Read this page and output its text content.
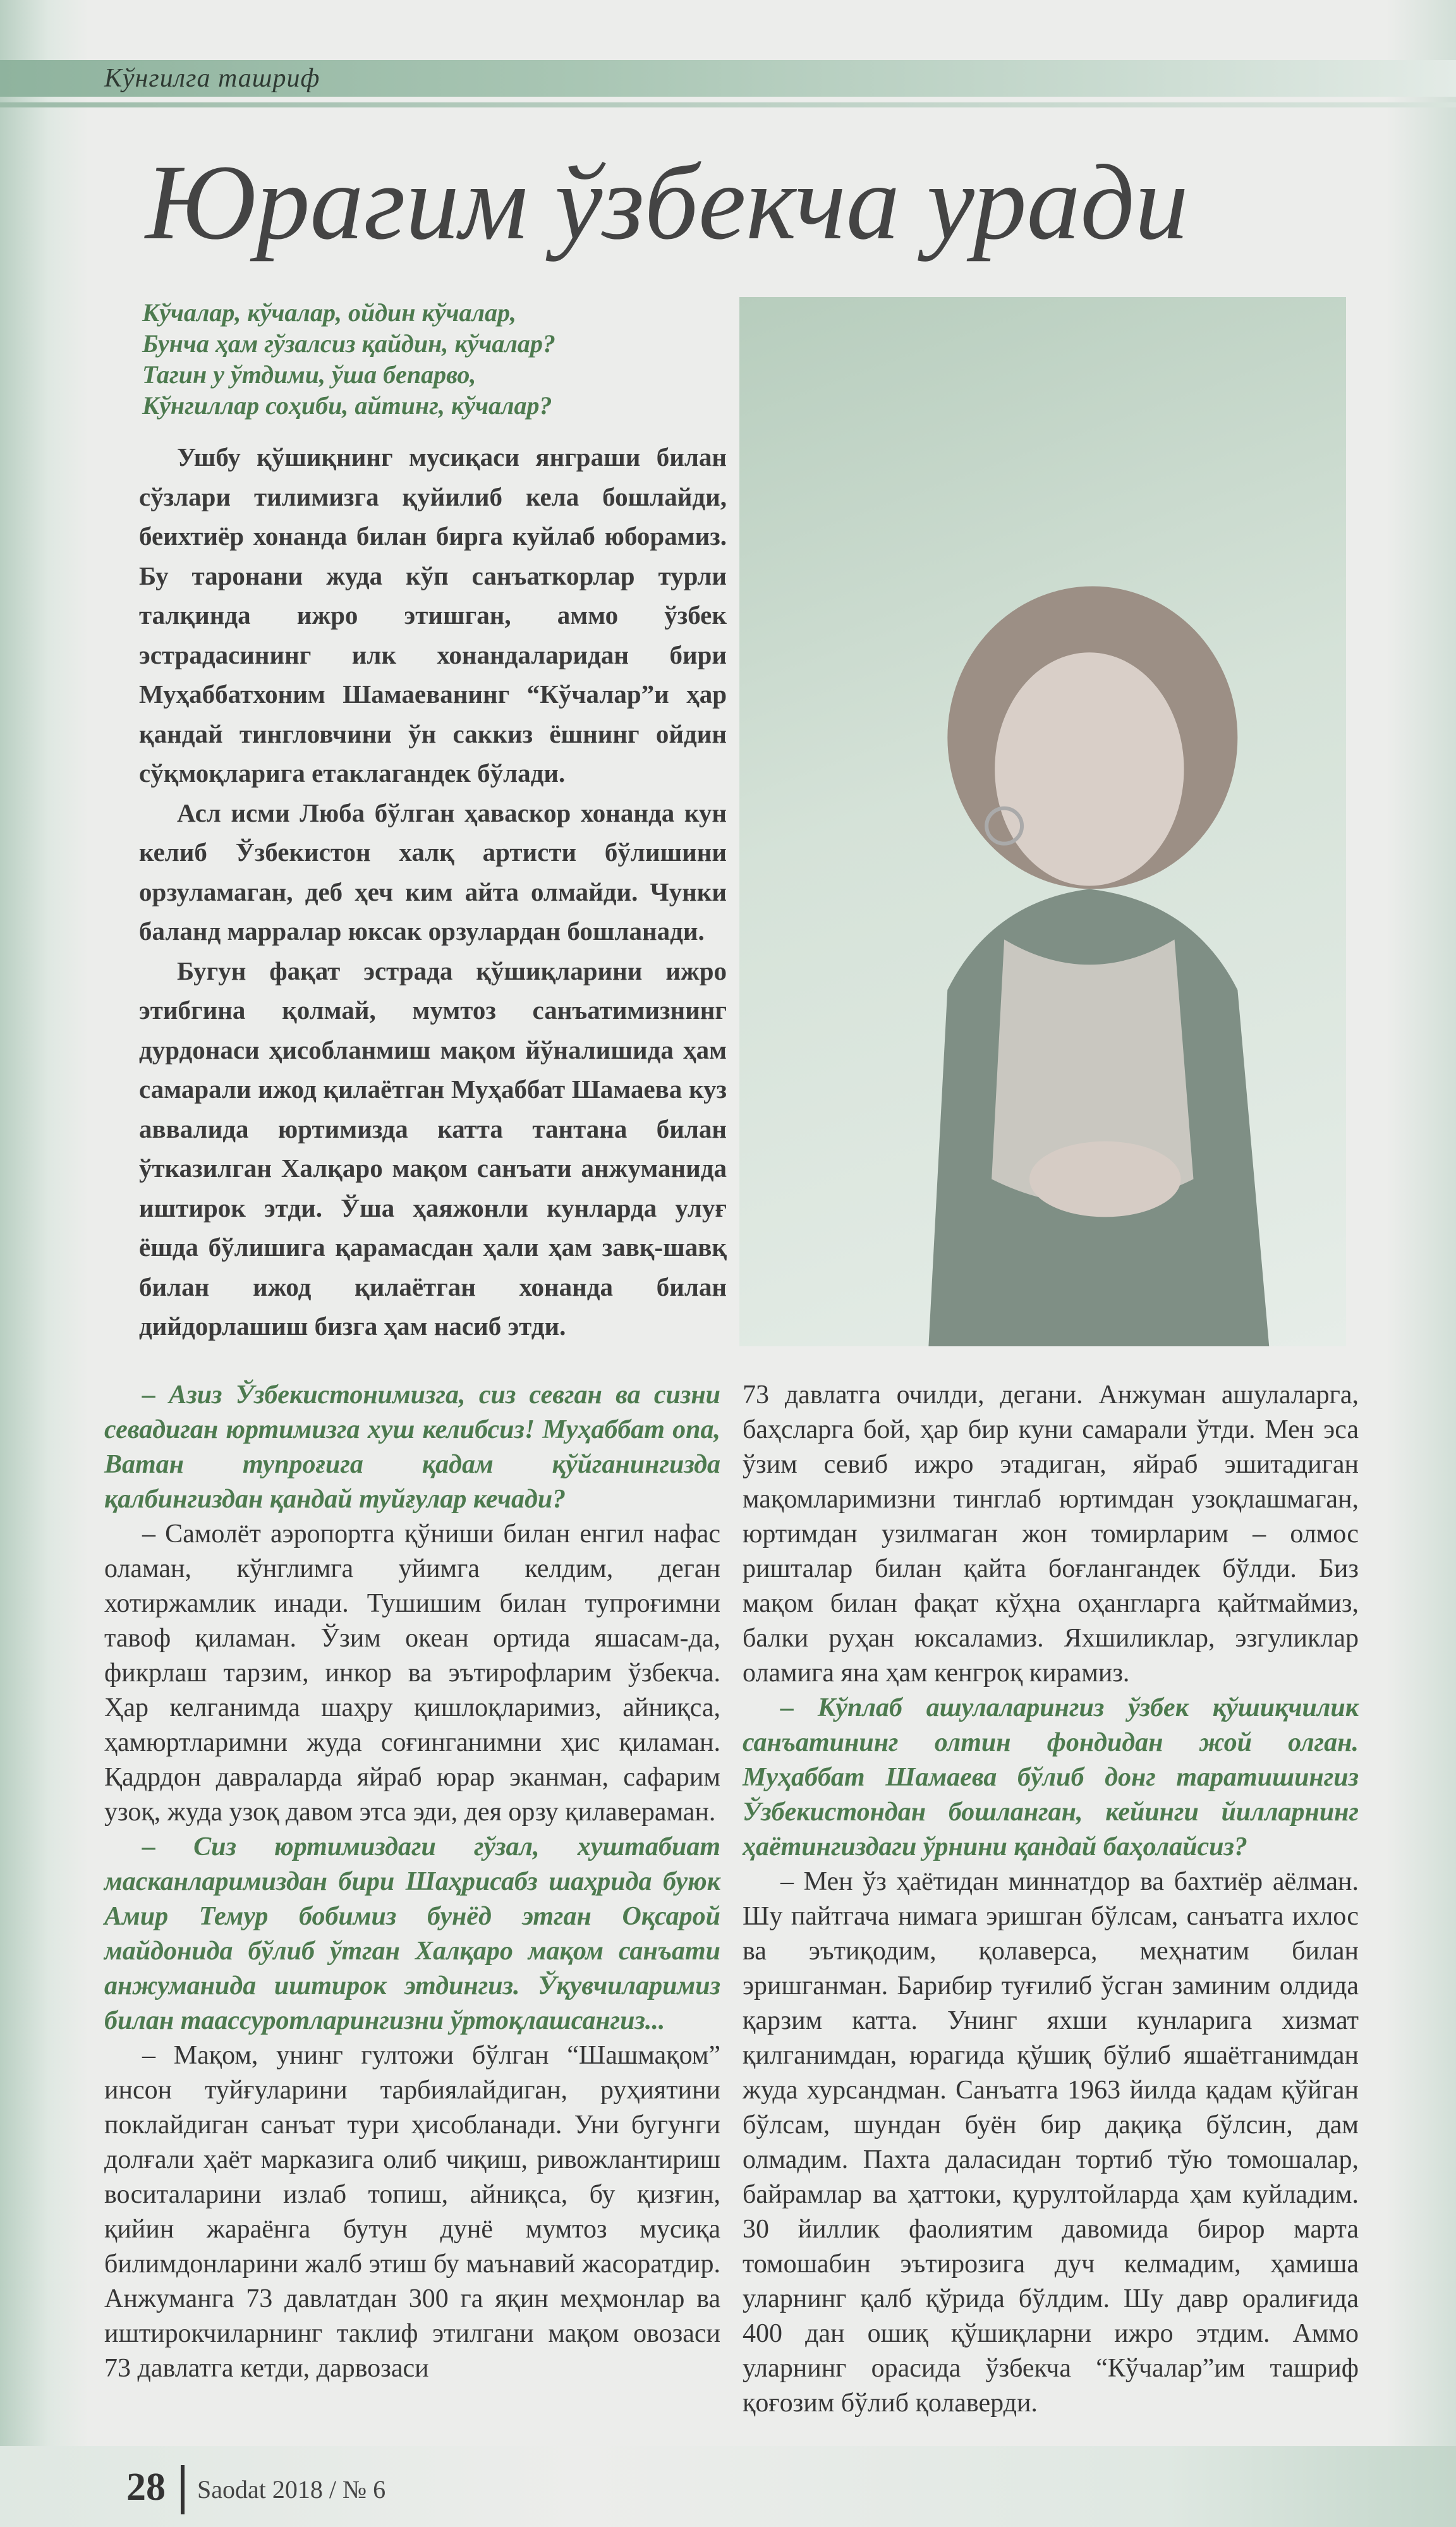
Кўнгилга ташриф
Юрагим ўзбекча уради
Кўчалар, кўчалар, ойдин кўчалар,
Бунча ҳам гўзалсиз қайдин, кўчалар?
Тагин у ўтдими, ўша бепарво,
Кўнгиллар соҳиби, айтинг, кўчалар?

Ушбу қўшиқнинг мусиқаси янграши билан сўзлари тилимизга қуйилиб кела бошлайди, беихтиёр хонанда билан бирга куйлаб юборамиз. Бу таронани жуда кўп санъаткорлар турли талқинда ижро этишган, аммо ўзбек эстрадасининг илк хонандаларидан бири Муҳаббатхоним Шамаеванинг “Кўчалар”и ҳар қандай тингловчини ўн саккиз ёшнинг ойдин сўқмоқларига етаклагандек бўлади.

Асл исми Люба бўлган ҳаваскор хонанда кун келиб Ўзбекистон халқ артисти бўлишини орзуламаган, деб ҳеч ким айта олмайди. Чунки баланд марралар юксак орзулардан бошланади.

Бугун фақат эстрада қўшиқларини ижро этибгина қолмай, мумтоз санъатимизнинг дурдонаси ҳисобланмиш мақом йўналишида ҳам самарали ижод қилаётган Муҳаббат Шамаева куз аввалида юртимизда катта тантана билан ўтказилган Халқаро мақом санъати анжуманида иштирок этди. Ўша ҳаяжонли кунларда улуғ ёшда бўлишига қарамасдан ҳали ҳам завқ-шавқ билан ижод қилаётган хонанда билан дийдорлашиш бизга ҳам насиб этди.

– Азиз Ўзбекистонимизга, сиз севган ва сизни севадиган юртимизга хуш келибсиз! Муҳаббат опа, Ватан тупроғига қадам қўйганингизда қалбингиздан қандай туйғулар кечади?

– Самолёт аэропортга қўниши билан енгил нафас оламан, кўнглимга уйимга келдим, деган хотиржамлик инади. Тушишим билан тупроғимни тавоф қиламан. Ўзим океан ортида яшасам-да, фикрлаш тарзим, инкор ва эътирофларим ўзбекча. Ҳар келганимда шаҳру қишлоқларимиз, айниқса, ҳамюртларимни жуда соғинганимни ҳис қиламан. Қадрдон давраларда яйраб юрар эканман, сафарим узоқ, жуда узоқ давом этса эди, дея орзу қилавераман.

– Сиз юртимиздаги гўзал, хуштабиат масканларимиздан бири Шаҳрисабз шаҳрида буюк Амир Темур бобимиз бунёд этган Оқсарой майдонида бўлиб ўтган Халқаро мақом санъати анжуманида иштирок этдингиз. Ўқувчиларимиз билан таассуротларингизни ўртоқлашсангиз...

– Мақом, унинг гултожи бўлган “Шашмақом” инсон туйғуларини тарбиялайдиган, руҳиятини поклайдиган санъат тури ҳисобланади. Уни бугунги долғали ҳаёт марказига олиб чиқиш, ривожлантириш воситаларини излаб топиш, айниқса, бу қизғин, қийин жараёнга бутун дунё мумтоз мусиқа билимдонларини жалб этиш бу маънавий жасоратдир. Анжуманга 73 давлатдан 300 га яқин меҳмонлар ва иштирокчиларнинг таклиф этилгани мақом овозаси 73 давлатга кетди, дарвозаси

73 давлатга очилди, дегани. Анжуман ашулаларга, баҳсларга бой, ҳар бир куни самарали ўтди. Мен эса ўзим севиб ижро этадиган, яйраб эшитадиган мақомларимизни тинглаб юртимдан узоқлашмаган, юртимдан узилмаган жон томирларим – олмос ришталар билан қайта боғлангандек бўлди. Биз мақом билан фақат кўҳна оҳангларга қайтмаймиз, балки руҳан юксаламиз. Яхшиликлар, эзгуликлар оламига яна ҳам кенгроқ кирамиз.

– Кўплаб ашулаларингиз ўзбек қўшиқчилик санъатининг олтин фондидан жой олган. Муҳаббат Шамаева бўлиб донг таратишингиз Ўзбекистондан бошланган, кейинги йилларнинг ҳаётингиздаги ўрнини қандай баҳолайсиз?

– Мен ўз ҳаётидан миннатдор ва бахтиёр аёлман. Шу пайтгача нимага эришган бўлсам, санъатга ихлос ва эътиқодим, қолаверса, меҳнатим билан эришганман. Барибир туғилиб ўсган заминим олдида қарзим катта. Унинг яхши кунларига хизмат қилганимдан, юрагида қўшиқ бўлиб яшаётганимдан жуда хурсандман. Санъатга 1963 йилда қадам қўйган бўлсам, шундан буён бир дақиқа бўлсин, дам олмадим. Пахта даласидан тортиб тўю томошалар, байрамлар ва ҳаттоки, қурултойларда ҳам куйладим. 30 йиллик фаолиятим давомида бирор марта томошабин эътирозига дуч келмадим, ҳамиша уларнинг қалб қўрида бўлдим. Шу давр оралиғида 400 дан ошиқ қўшиқларни ижро этдим. Аммо уларнинг орасида ўзбекча “Кўчалар”им ташриф қоғозим бўлиб қолаверди.

28 Saodat 2018 / № 6
